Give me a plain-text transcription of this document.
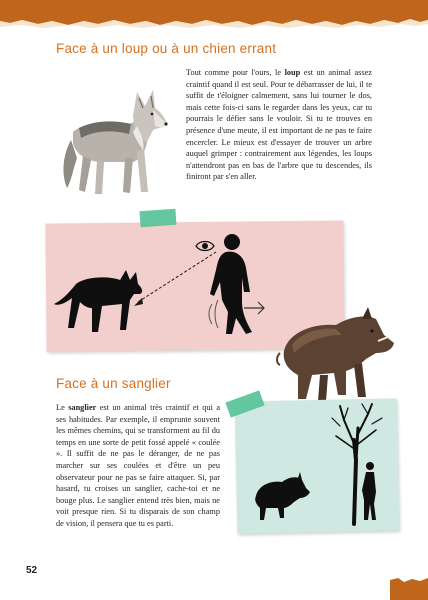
Face à un loup ou à un chien errant

Tout comme pour l'ours, le loup est un animal assez craintif quand il est seul. Pour te débarrasser de lui, il te suffit de t'éloigner calmement, sans lui tourner le dos, mais cette fois-ci sans le regarder dans les yeux, car tu pourrais le défier sans le vouloir. Si tu te trouves en présence d'une meute, il est important de ne pas te faire encercler. Le mieux est d'essayer de trouver un arbre auquel grimper : contrairement aux légendes, les loups n'attendront pas en bas de l'arbre que tu descendes, ils finiront par s'en aller.

Face à un sanglier

Le sanglier est un animal très craintif et qui a ses habitudes. Par exemple, il emprunte souvent les mêmes chemins, qui se transforment au fil du temps en une sorte de petit fossé appelé « coulée ». Il suffit de ne pas le déranger, de ne pas marcher sur ses coulées et d'être un peu observateur pour ne pas se faire attaquer. Si, par hasard, tu croises un sanglier, cache-toi et ne bouge plus. Le sanglier entend très bien, mais ne voit presque rien. Si tu disparais de son champ de vision, il pensera que tu es parti.

52
